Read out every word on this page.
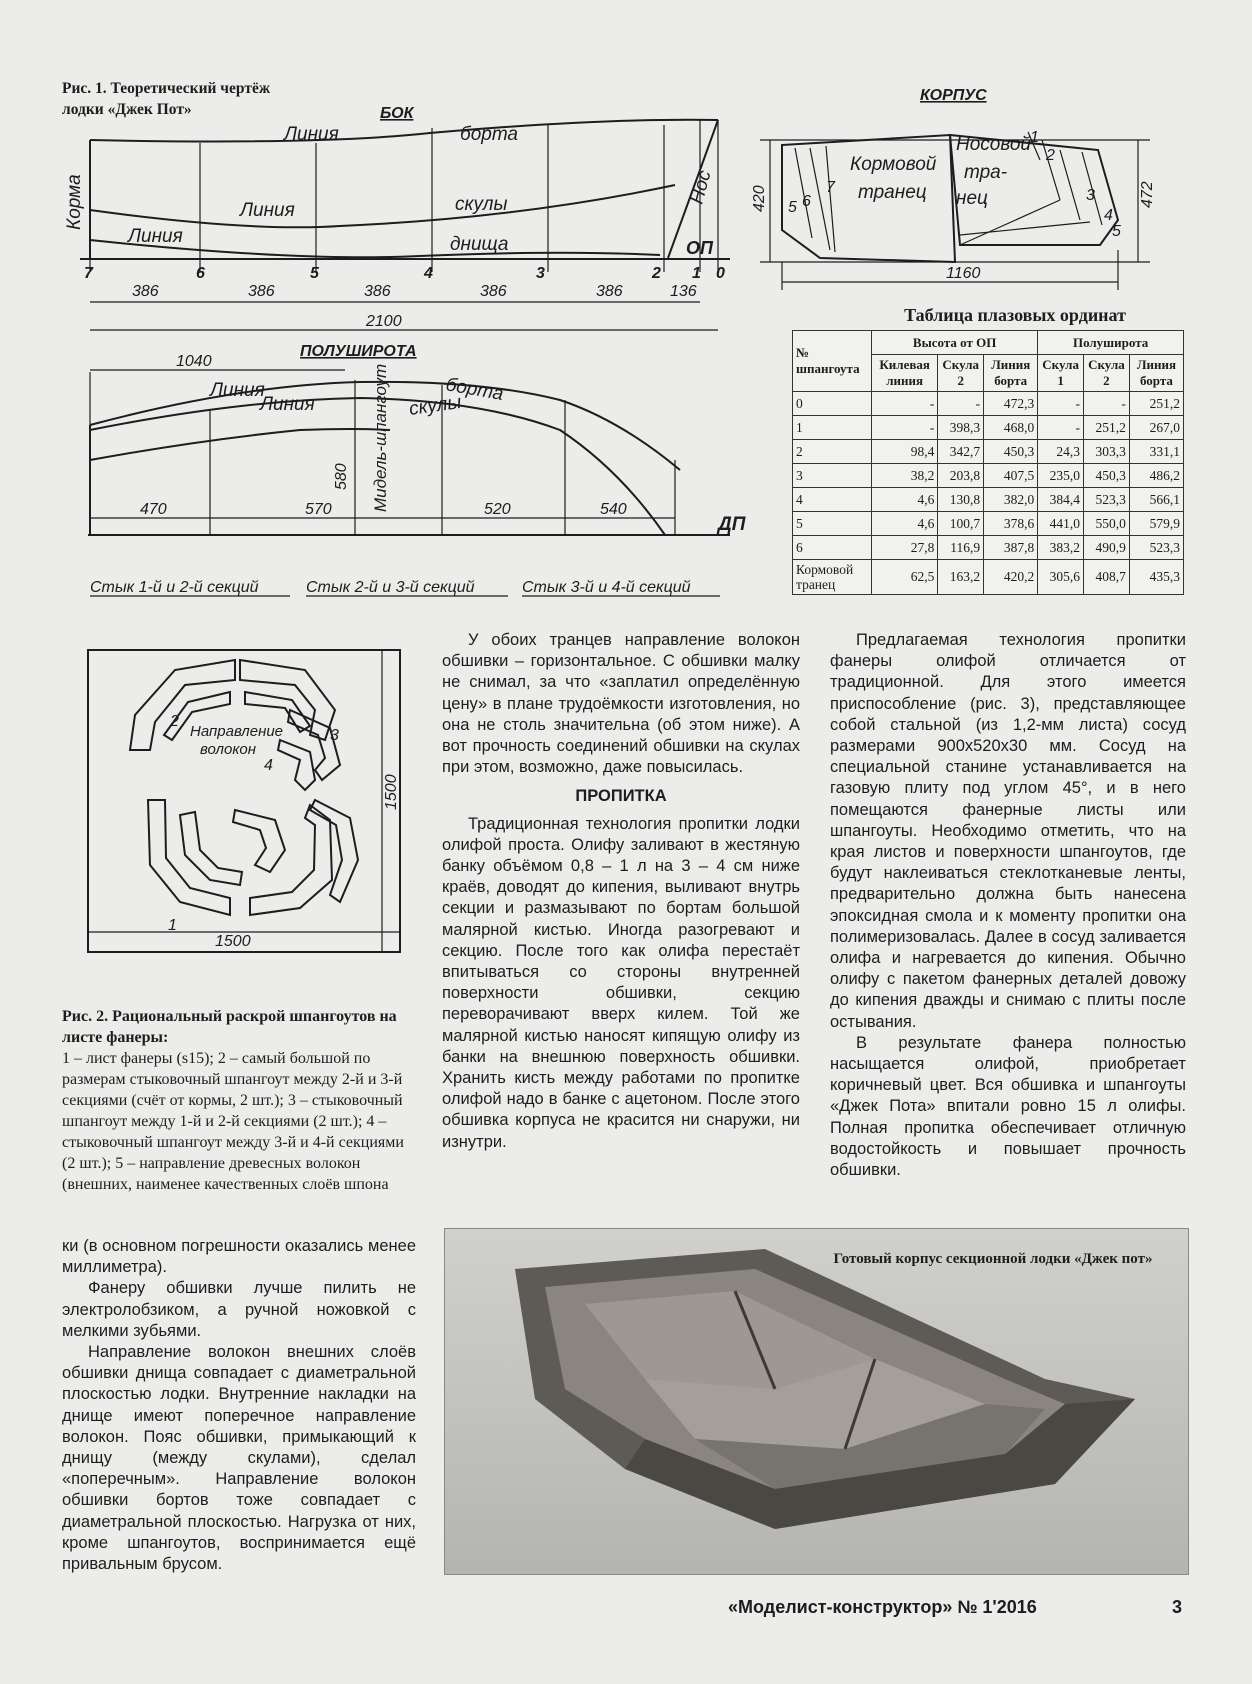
Рис. 1. Теоретический чертёж лодки «Джек Пот»	БОК
Корма	Нос
Линия	борта
Линия	скулы
Линия	днища	ОП
7	6	5	4	3	2 1 0
386	386	386	386	386	136
2100
ПОЛУШИРОТА
1040
ДП
Линия	борта
Линия	скулы
Мидель-шпангоут
580
470	570	520	540
Стык 1-й и 2-й секций	Стык 2-й и 3-й секций	Стык 3-й и 4-й секций
КОРПУС
Кормовой
транец
Носовой
тра-
нец
1
2
3
4
5
5 6
7
420	472
1160
Таблица плазовых ординат
№ шпангоута	Высота от ОП			Полуширота		
	Килевая линия	Скула 2	Линия борта	Скула 1	Скула 2	Линия борта
0	-	-	472,3	-	-	251,2
1	-	398,3	468,0	-	251,2	267,0
2	98,4	342,7	450,3	24,3	303,3	331,1
3	38,2	203,8	407,5	235,0	450,3	486,2
4	4,6	130,8	382,0	384,4	523,3	566,1
5	4,6	100,7	378,6	441,0	550,0	579,9
6	27,8	116,9	387,8	383,2	490,9	523,3
Кормовой транец	62,5	163,2	420,2	305,6	408,7	435,3
Направление
волокон
1
2
3
4
1500
1500
Рис. 2. Рациональный раскрой шпангоутов на листе фанеры:
1 – лист фанеры (s15); 2 – самый большой по размерам стыковочный шпангоут между 2-й и 3-й секциями (счёт от кормы, 2 шт.); 3 – стыковочный шпангоут между 1-й и 2-й секциями (2 шт.); 4 – стыковочный шпангоут между 3-й и 4-й секциями (2 шт.); 5 – направление древесных волокон (внешних, наименее качественных слоёв шпона

ки (в основном погрешности оказались менее миллиметра).

Фанеру обшивки лучше пилить не электролобзиком, а ручной ножовкой с мелкими зубьями.

Направление волокон внешних слоёв обшивки днища совпадает с диаметральной плоскостью лодки. Внутренние накладки на днище имеют поперечное направление волокон. Пояс обшивки, примыкающий к днищу (между скулами), сделал «поперечным». Направление волокон обшивки бортов тоже совпадает с диаметральной плоскостью. Нагрузка от них, кроме шпангоутов, воспринимается ещё привальным брусом.

У обоих транцев направление волокон обшивки – горизонтальное. С обшивки малку не снимал, за что «заплатил определённую цену» в плане трудоёмкости изготовления, но она не столь значительна (об этом ниже). А вот прочность соединений обшивки на скулах при этом, возможно, даже повысилась.

ПРОПИТКА

Традиционная технология пропитки лодки олифой проста. Олифу заливают в жестяную банку объёмом 0,8 – 1 л на 3 – 4 см ниже краёв, доводят до кипения, выливают внутрь секции и размазывают по бортам большой малярной кистью. Иногда разогревают и секцию. После того как олифа перестаёт впитываться со стороны внутренней поверхности обшивки, секцию переворачивают вверх килем. Той же малярной кистью наносят кипящую олифу из банки на внешнюю поверхность обшивки. Хранить кисть между работами по пропитке олифой надо в банке с ацетоном. После этого обшивка корпуса не красится ни снаружи, ни изнутри.

Предлагаемая технология пропитки фанеры олифой отличается от традиционной. Для этого имеется приспособление (рис. 3), представляющее собой стальной (из 1,2-мм листа) сосуд размерами 900х520х30 мм. Сосуд на специальной станине устанавливается на газовую плиту под углом 45°, и в него помещаются фанерные листы или шпангоуты. Необходимо отметить, что на края листов и поверхности шпангоутов, где будут наклеиваться стеклотканевые ленты, предварительно должна быть нанесена эпоксидная смола и к моменту пропитки она полимеризовалась. Далее в сосуд заливается олифа и нагревается до кипения. Обычно олифу с пакетом фанерных деталей довожу до кипения дважды и снимаю с плиты после остывания.

В результате фанера полностью насыщается олифой, приобретает коричневый цвет. Вся обшивка и шпангоуты «Джек Пота» впитали ровно 15 л олифы. Полная пропитка обеспечивает отличную водостойкость и повышает прочность обшивки.

Готовый корпус секционной лодки «Джек пот»
«Моделист-конструктор» № 1'2016	3
